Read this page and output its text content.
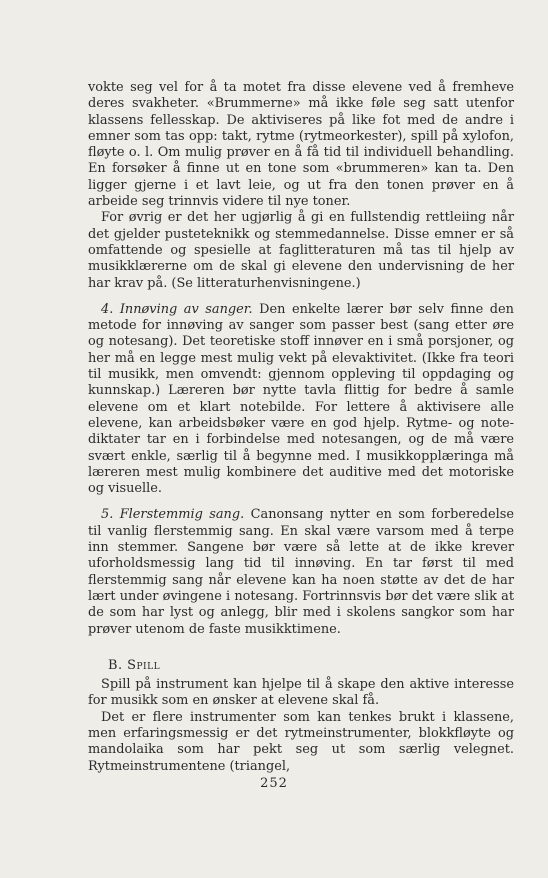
vokte seg vel for å ta motet fra disse elevene ved å fremheve deres svakheter. «Brummerne» må ikke føle seg satt utenfor klassens fellesskap. De aktiviseres på like fot med de andre i emner som tas opp: takt, rytme (rytmeorkester), spill på xylofon, fløyte o. l. Om mulig prøver en å få tid til individuell behandling. En forsøker å finne ut en tone som «brummeren» kan ta. Den ligger gjerne i et lavt leie, og ut fra den tonen prøver en å arbeide seg trinnvis videre til nye toner.

For øvrig er det her ugjørlig å gi en fullstendig rettleiing når det gjelder pusteteknikk og stemmedannelse. Disse emner er så omfattende og spesielle at faglitteraturen må tas til hjelp av musikklærerne om de skal gi elevene den undervisning de her har krav på. (Se litteraturhenvisningene.)

4. Innøving av sanger. Den enkelte lærer bør selv finne den metode for innøving av sanger som passer best (sang etter øre og notesang). Det teoretiske stoff innøver en i små porsjoner, og her må en legge mest mulig vekt på elevaktivitet. (Ikke fra teori til musikk, men omvendt: gjennom oppleving til oppdaging og kunnskap.) Læreren bør nytte tavla flittig for bedre å samle elevene om et klart notebilde. For lettere å aktivisere alle elevene, kan arbeidsbøker være en god hjelp. Rytme- og note-diktater tar en i forbindelse med notesangen, og de må være svært enkle, særlig til å begynne med. I musikkopplæringa må læreren mest mulig kombinere det auditive med det motoriske og visuelle.

5. Flerstemmig sang. Canonsang nytter en som forberedelse til vanlig flerstemmig sang. En skal være varsom med å terpe inn stemmer. Sangene bør være så lette at de ikke krever uforholdsmessig lang tid til innøving. En tar først til med flerstemmig sang når elevene kan ha noen støtte av det de har lært under øvingene i notesang. Fortrinnsvis bør det være slik at de som har lyst og anlegg, blir med i skolens sangkor som har prøver utenom de faste musikktimene.

B. Spill

Spill på instrument kan hjelpe til å skape den aktive interesse for musikk som en ønsker at elevene skal få.

Det er flere instrumenter som kan tenkes brukt i klassene, men erfaringsmessig er det rytmeinstrumenter, blokkfløyte og mandolaika som har pekt seg ut som særlig velegnet. Rytmeinstrumentene (triangel,

252
